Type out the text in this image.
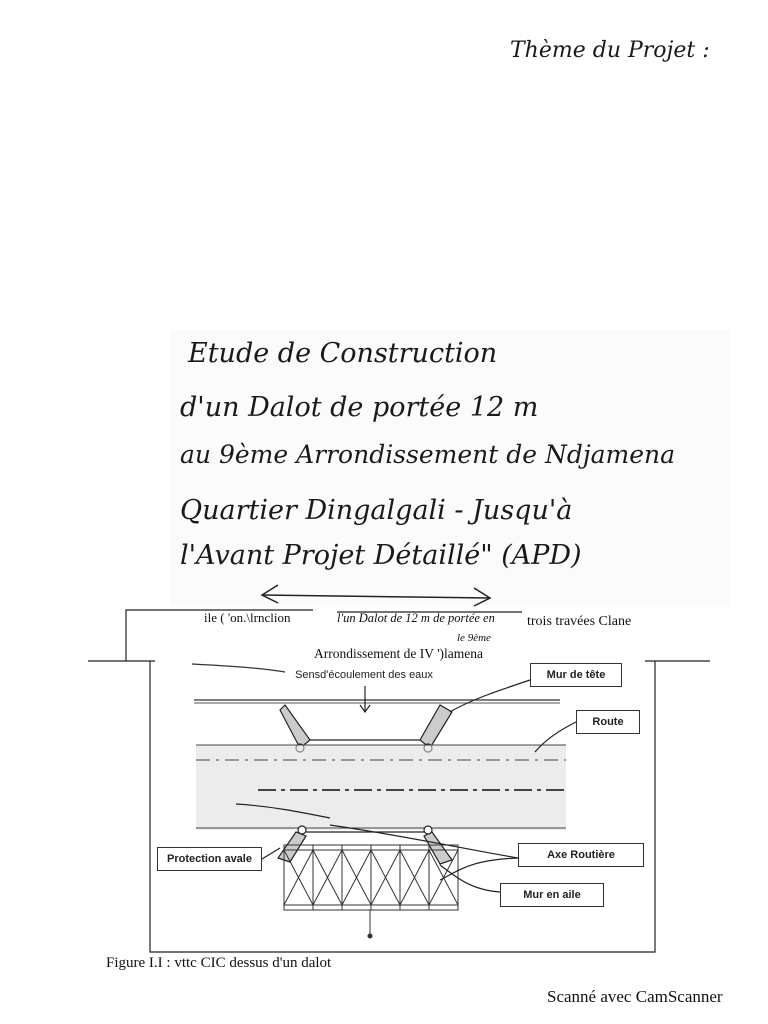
Thème du Projet :
Etude de Construction
d'un Dalot de portée 12 m
au 9ème Arrondissement de Ndjamena
Quartier Dingalgali - Jusqu'à
l'Avant Projet Détaillé" (APD)
ile ( 'on.\lrnclion	l'un Dalot de 12 m de portée en
le 9ème
trois travées Clane
Arrondissement de IV ')lamena
Sensd'écoulement des eaux	Mur de tête
Route
Protection avale	Axe Routière
Mur en aile
Figure I.I : vttc CIC dessus d'un dalot
Scanné avec CamScanner
